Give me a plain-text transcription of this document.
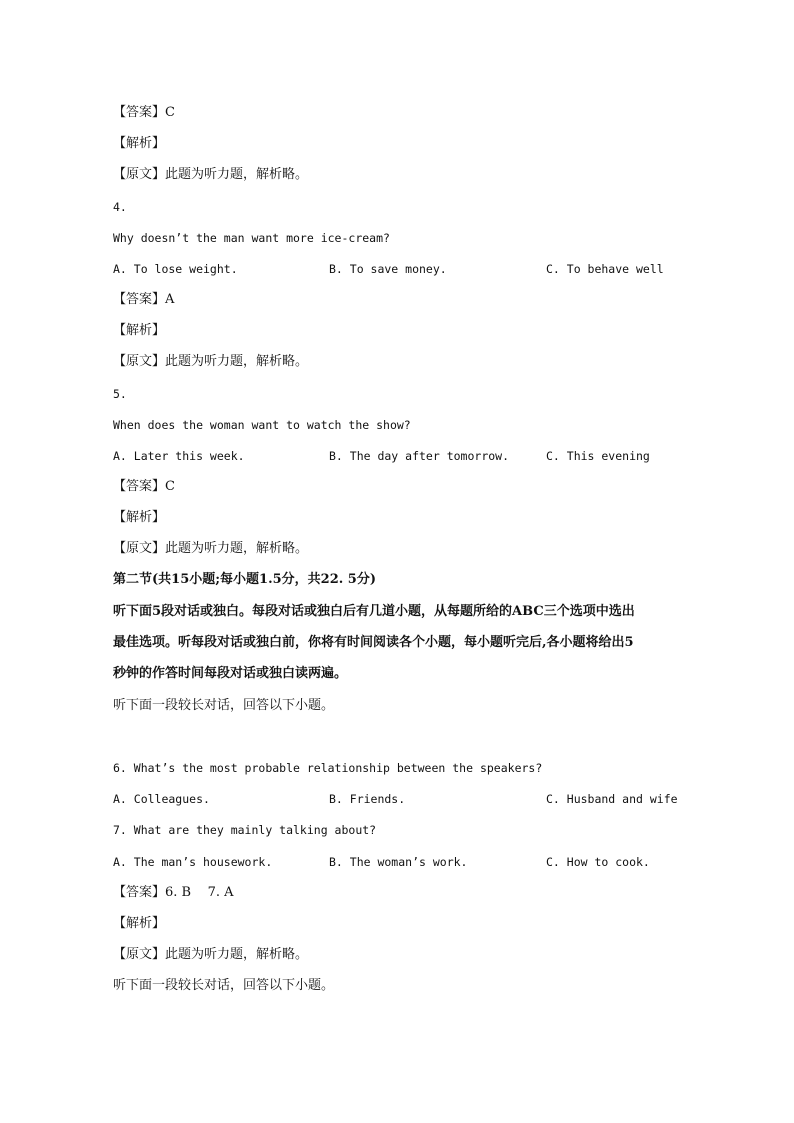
【答案】C
【解析】
【原文】此题为听力题，解析略。
4.
Why doesn’t the man want more ice-cream?
A. To lose weight.	B. To save money.	C. To behave well
【答案】A
【解析】
【原文】此题为听力题，解析略。
5.
When does the woman want to watch the show?
A. Later this week.	B. The day after tomorrow.	C. This evening
【答案】C
【解析】
【原文】此题为听力题，解析略。
第二节(共15小题;每小题1.5分，共22. 5分)
听下面5段对话或独白。每段对话或独白后有几道小题，从每题所给的ABC三个选项中选出
最佳选项。听每段对话或独白前，你将有时间阅读各个小题，每小题听完后,各小题将给出5
秒钟的作答时间每段对话或独白读两遍。
听下面一段较长对话，回答以下小题。
6. What’s the most probable relationship between the speakers?
A. Colleagues.	B. Friends.	C. Husband and wife
7. What are they mainly talking about?
A. The man’s housework.	B. The woman’s work.	C. How to cook.
【答案】6. B    7. A
【解析】
【原文】此题为听力题，解析略。
听下面一段较长对话，回答以下小题。
